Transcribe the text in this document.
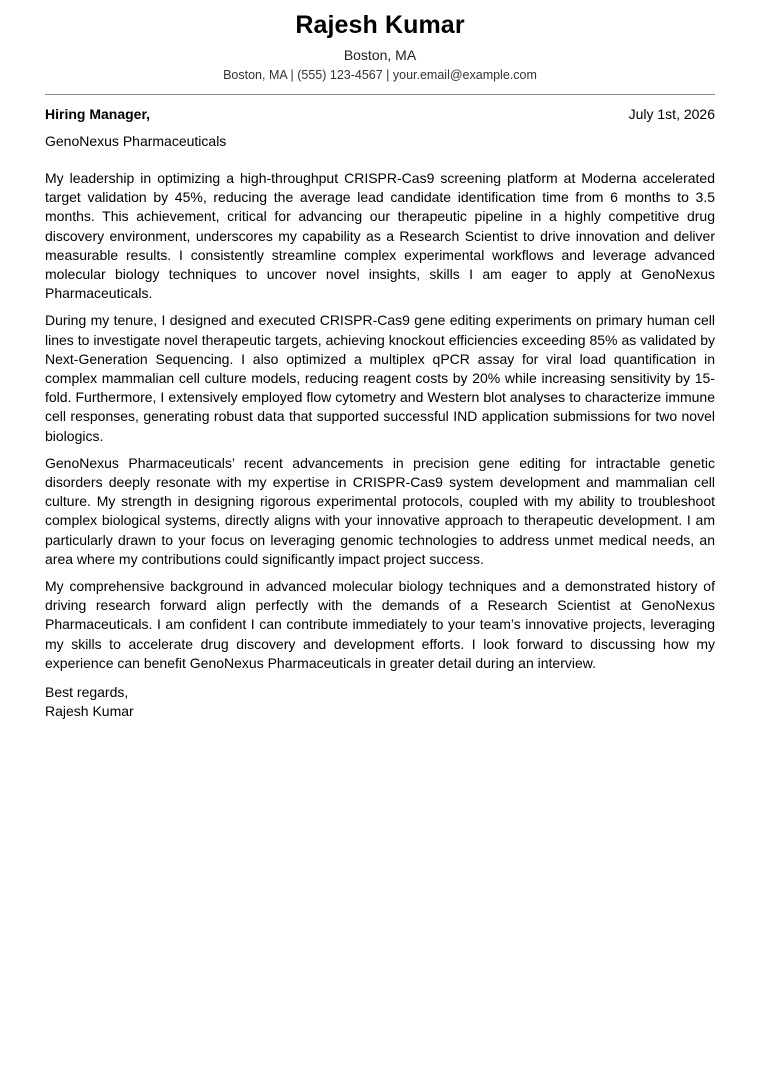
Rajesh Kumar
Boston, MA
Boston, MA | (555) 123-4567 | your.email@example.com
Hiring Manager,	July 1st, 2026
GenoNexus Pharmaceuticals

My leadership in optimizing a high-throughput CRISPR-Cas9 screening platform at Moderna accelerated target validation by 45%, reducing the average lead candidate identification time from 6 months to 3.5 months. This achievement, critical for advancing our therapeutic pipeline in a highly competitive drug discovery environment, underscores my capability as a Research Scientist to drive innovation and deliver measurable results. I consistently streamline complex experimental workflows and leverage advanced molecular biology techniques to uncover novel insights, skills I am eager to apply at GenoNexus Pharmaceuticals.

During my tenure, I designed and executed CRISPR-Cas9 gene editing experiments on primary human cell lines to investigate novel therapeutic targets, achieving knockout efficiencies exceeding 85% as validated by Next-Generation Sequencing. I also optimized a multiplex qPCR assay for viral load quantification in complex mammalian cell culture models, reducing reagent costs by 20% while increasing sensitivity by 15-fold. Furthermore, I extensively employed flow cytometry and Western blot analyses to characterize immune cell responses, generating robust data that supported successful IND application submissions for two novel biologics.

GenoNexus Pharmaceuticals’ recent advancements in precision gene editing for intractable genetic disorders deeply resonate with my expertise in CRISPR-Cas9 system development and mammalian cell culture. My strength in designing rigorous experimental protocols, coupled with my ability to troubleshoot complex biological systems, directly aligns with your innovative approach to therapeutic development. I am particularly drawn to your focus on leveraging genomic technologies to address unmet medical needs, an area where my contributions could significantly impact project success.

My comprehensive background in advanced molecular biology techniques and a demonstrated history of driving research forward align perfectly with the demands of a Research Scientist at GenoNexus Pharmaceuticals. I am confident I can contribute immediately to your team’s innovative projects, leveraging my skills to accelerate drug discovery and development efforts. I look forward to discussing how my experience can benefit GenoNexus Pharmaceuticals in greater detail during an interview.

Best regards,
Rajesh Kumar
